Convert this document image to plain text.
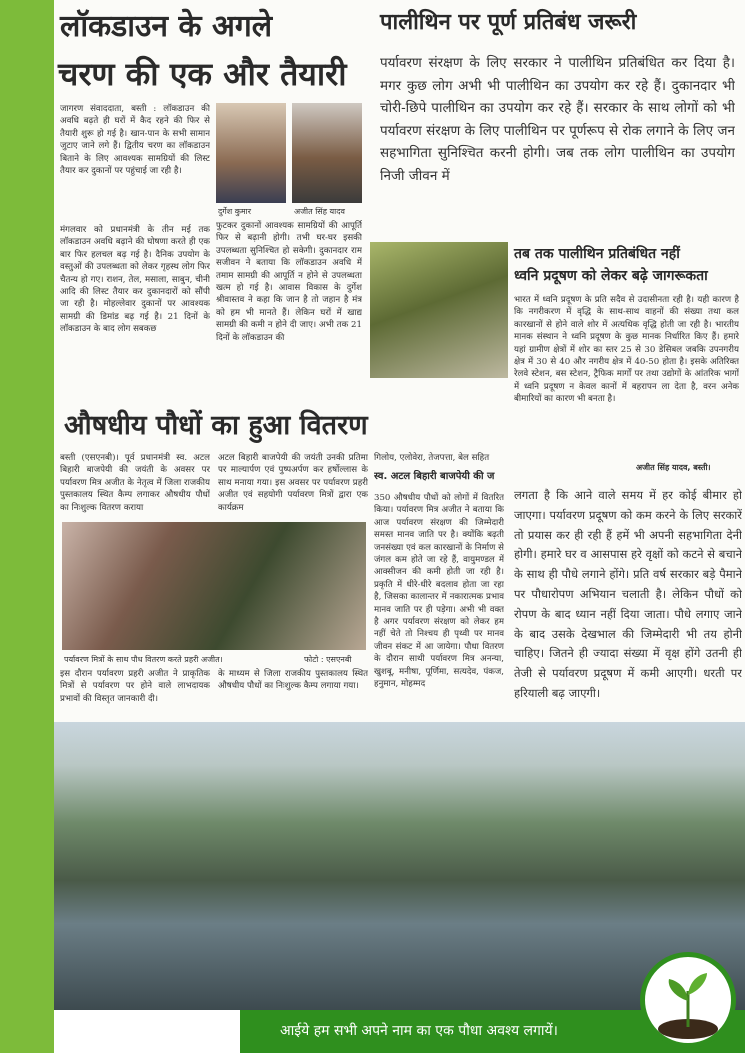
लॉकडाउन के अगले
चरण की एक और तैयारी
जागरण संवाददाता, बस्ती : लॉकडाउन की अवधि बढ़ते ही घरों में कैद रहने की फिर से तैयारी शुरू हो गई है। खान-पान के सभी सामान जुटाए जाने लगे हैं। द्वितीय चरण का लॉकडाउन बिताने के लिए आवश्यक सामग्रियों की लिस्ट तैयार कर दुकानों पर पहुंचाई जा रही है।
मंगलवार को प्रधानमंत्री के तीन मई तक लॉकडाउन अवधि बढ़ाने की घोषणा करते ही एक बार फिर हलचल बढ़ गई है। दैनिक उपयोग के वस्तुओं की उपलब्धता को लेकर गृहस्थ लोग फिर चैतन्य हो गए। राशन, तेल, मसाला, साबुन, चीनी आदि की लिस्ट तैयार कर दुकानदारों को सौंपी जा रही है। मोहल्लेवार दुकानों पर आवश्यक सामग्री की डिमांड बढ़ गई है। 21 दिनों के लॉकडाउन के बाद लोग सबकछ
दुर्गेश कुमार	अजीत सिंह यादव
फुटकर दुकानों आवश्यक सामग्रियों की आपूर्ति फिर से बढ़ानी होगी। तभी घर-घर इसकी उपलब्धता सुनिश्चित हो सकेगी। दुकानदार राम सजीवन ने बताया कि लॉकडाउन अवधि में तमाम सामग्री की आपूर्ति न होने से उपलब्धता खत्म हो गई है। आवास विकास के दुर्गेश श्रीवास्तव ने कहा कि जान है तो जहान है मंत्र को हम भी मानते हैं। लेकिन घरों में खाद्य सामग्री की कमी न होने दी जाए। अभी तक 21 दिनों के लॉकडाउन की
पालीथिन पर पूर्ण प्रतिबंध जरूरी
पर्यावरण संरक्षण के लिए सरकार ने पालीथिन प्रतिबंधित कर दिया है। मगर कुछ लोग अभी भी पालीथिन का उपयोग कर रहे हैं। दुकानदार भी चोरी-छिपे पालीथिन का उपयोग कर रहे हैं। सरकार के साथ लोगों को भी पर्यावरण संरक्षण के लिए पालीथिन पर पूर्णरूप से रोक लगाने के लिए जन सहभागिता सुनिश्चित करनी होगी। जब तक लोग पालीथिन का उपयोग निजी जीवन में
तब तक पालीथिन प्रतिबंधित नहीं
ध्वनि प्रदूषण को लेकर बढ़े जागरूकता
भारत में ध्वनि प्रदूषण के प्रति सदैव से उदासीनता रही है। यही कारण है कि नगरीकरण में वृद्धि के साथ-साथ वाहनों की संख्या तथा कल कारखानों से होने वाले शोर में अत्यधिक वृद्धि होती जा रही है। भारतीय मानक संस्थान ने ध्वनि प्रदूषण के कुछ मानक निर्धारित किए हैं। हमारे यहां ग्रामीण क्षेत्रों में शोर का स्तर 25 से 30 डेसिबल जबकि उपनगरीय क्षेत्र में 30 से 40 और नगरीय क्षेत्र में 40-50 होता है। इसके अतिरिक्त रेलवे स्टेशन, बस स्टेशन, ट्रैफिक मार्गों पर तथा उद्योगों के आंतरिक भागों में ध्वनि प्रदूषण न केवल कानों में बहरापन ला देता है, वरन अनेक बीमारियों का कारण भी बनता है।
अजीत सिंह यादव, बस्ती।
औषधीय पौधों का हुआ वितरण
बस्ती (एसएनबी)। पूर्व प्रधानमंत्री स्व. अटल बिहारी बाजपेयी की जयंती के अवसर पर पर्यावरण मित्र अजीत के नेतृत्व में जिला राजकीय पुस्तकालय स्थित कैम्प लगाकर औषधीय पौधों का निःशुल्क वितरण कराया
अटल बिहारी बाजपेयी की जयंती उनकी प्रतिमा पर माल्यार्पण एवं पुष्पअर्पण कर हर्षोल्लास के साथ मनाया गया। इस अवसर पर पर्यावरण प्रहरी अजीत एवं सहयोगी पर्यावरण मित्रों द्वारा एक कार्यक्रम
गिलोय, एलोवेरा, तेजपत्ता, बेल सहित
स्व. अटल बिहारी बाजपेयी की ज
350 औषधीय पौधों को लोगों में वितरित किया। पर्यावरण मित्र अजीत ने बताया कि आज पर्यावरण संरक्षण की जिम्मेदारी समस्त मानव जाति पर है। क्योंकि बढ़ती जनसंख्या एवं कल कारखानों के निर्माण से जंगल कम होते जा रहे हैं, वायुमण्डल में आक्सीजन की कमी होती जा रही है। प्रकृति में धीरे-धीरे बदलाव होता जा रहा है, जिसका कालान्तर में नकारात्मक प्रभाव मानव जाति पर ही पड़ेगा। अभी भी वक्त है अगर पर्यावरण संरक्षण को लेकर हम नहीं चेते तो निश्चय ही पृथ्वी पर मानव जीवन संकट में आ जायेगा। पौधा वितरण के दौरान साथी पर्यावरण मित्र अनन्या, खुशबू, मनीषा, पूर्णिमा, सत्यदेव, पंकज, हनुमान, मोहम्मद
पर्यावरण मित्रों के साथ पौध वितरण करते प्रहरी अजीत।	फोटो : एसएनबी
इस दौरान पर्यावरण प्रहरी अजीत ने प्राकृतिक मित्रों से पर्यावरण पर होने वाले लाभदायक प्रभावों की विस्तृत जानकारी दी।
के माध्यम से जिला राजकीय पुस्तकालय स्थित औषधीय पौधों का निःशुल्क कैम्प लगाया गया।
लगता है कि आने वाले समय में हर कोई बीमार हो जाएगा। पर्यावरण प्रदूषण को कम करने के लिए सरकारें तो प्रयास कर ही रही हैं हमें भी अपनी सहभागिता देनी होगी। हमारे घर व आसपास हरे वृक्षों को कटने से बचाने के साथ ही पौधे लगाने होंगे। प्रति वर्ष सरकार बड़े पैमाने पर पौधारोपण अभियान चलाती है। लेकिन पौधों को रोपण के बाद ध्यान नहीं दिया जाता। पौधे लगाए जाने के बाद उसके देखभाल की जिम्मेदारी भी तय होनी चाहिए। जितने ही ज्यादा संख्या में वृक्ष होंगे उतनी ही तेजी से पर्यावरण प्रदूषण में कमी आएगी। धरती पर हरियाली बढ़ जाएगी।
आईये हम सभी अपने नाम का एक पौधा अवश्य लगायें।
